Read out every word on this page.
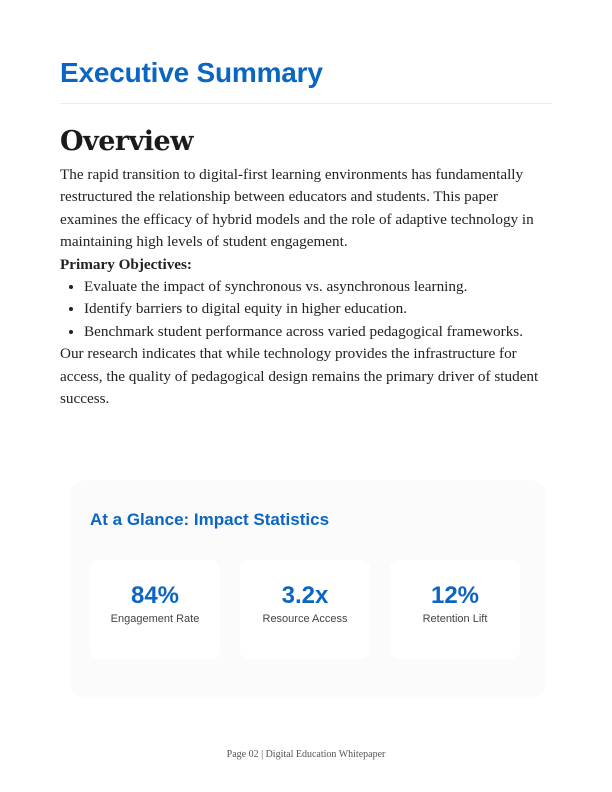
Executive Summary
Overview

The rapid transition to digital-first learning environments has fundamentally restructured the relationship between educators and students. This paper examines the efficacy of hybrid models and the role of adaptive technology in maintaining high levels of student engagement.

Primary Objectives:

• Evaluate the impact of synchronous vs. asynchronous learning.
• Identify barriers to digital equity in higher education.
• Benchmark student performance across varied pedagogical frameworks.

Our research indicates that while technology provides the infrastructure for access, the quality of pedagogical design remains the primary driver of student success.

At a Glance: Impact Statistics
84%
Engagement Rate
3.2x
Resource Access
12%
Retention Lift
Page 02 | Digital Education Whitepaper
